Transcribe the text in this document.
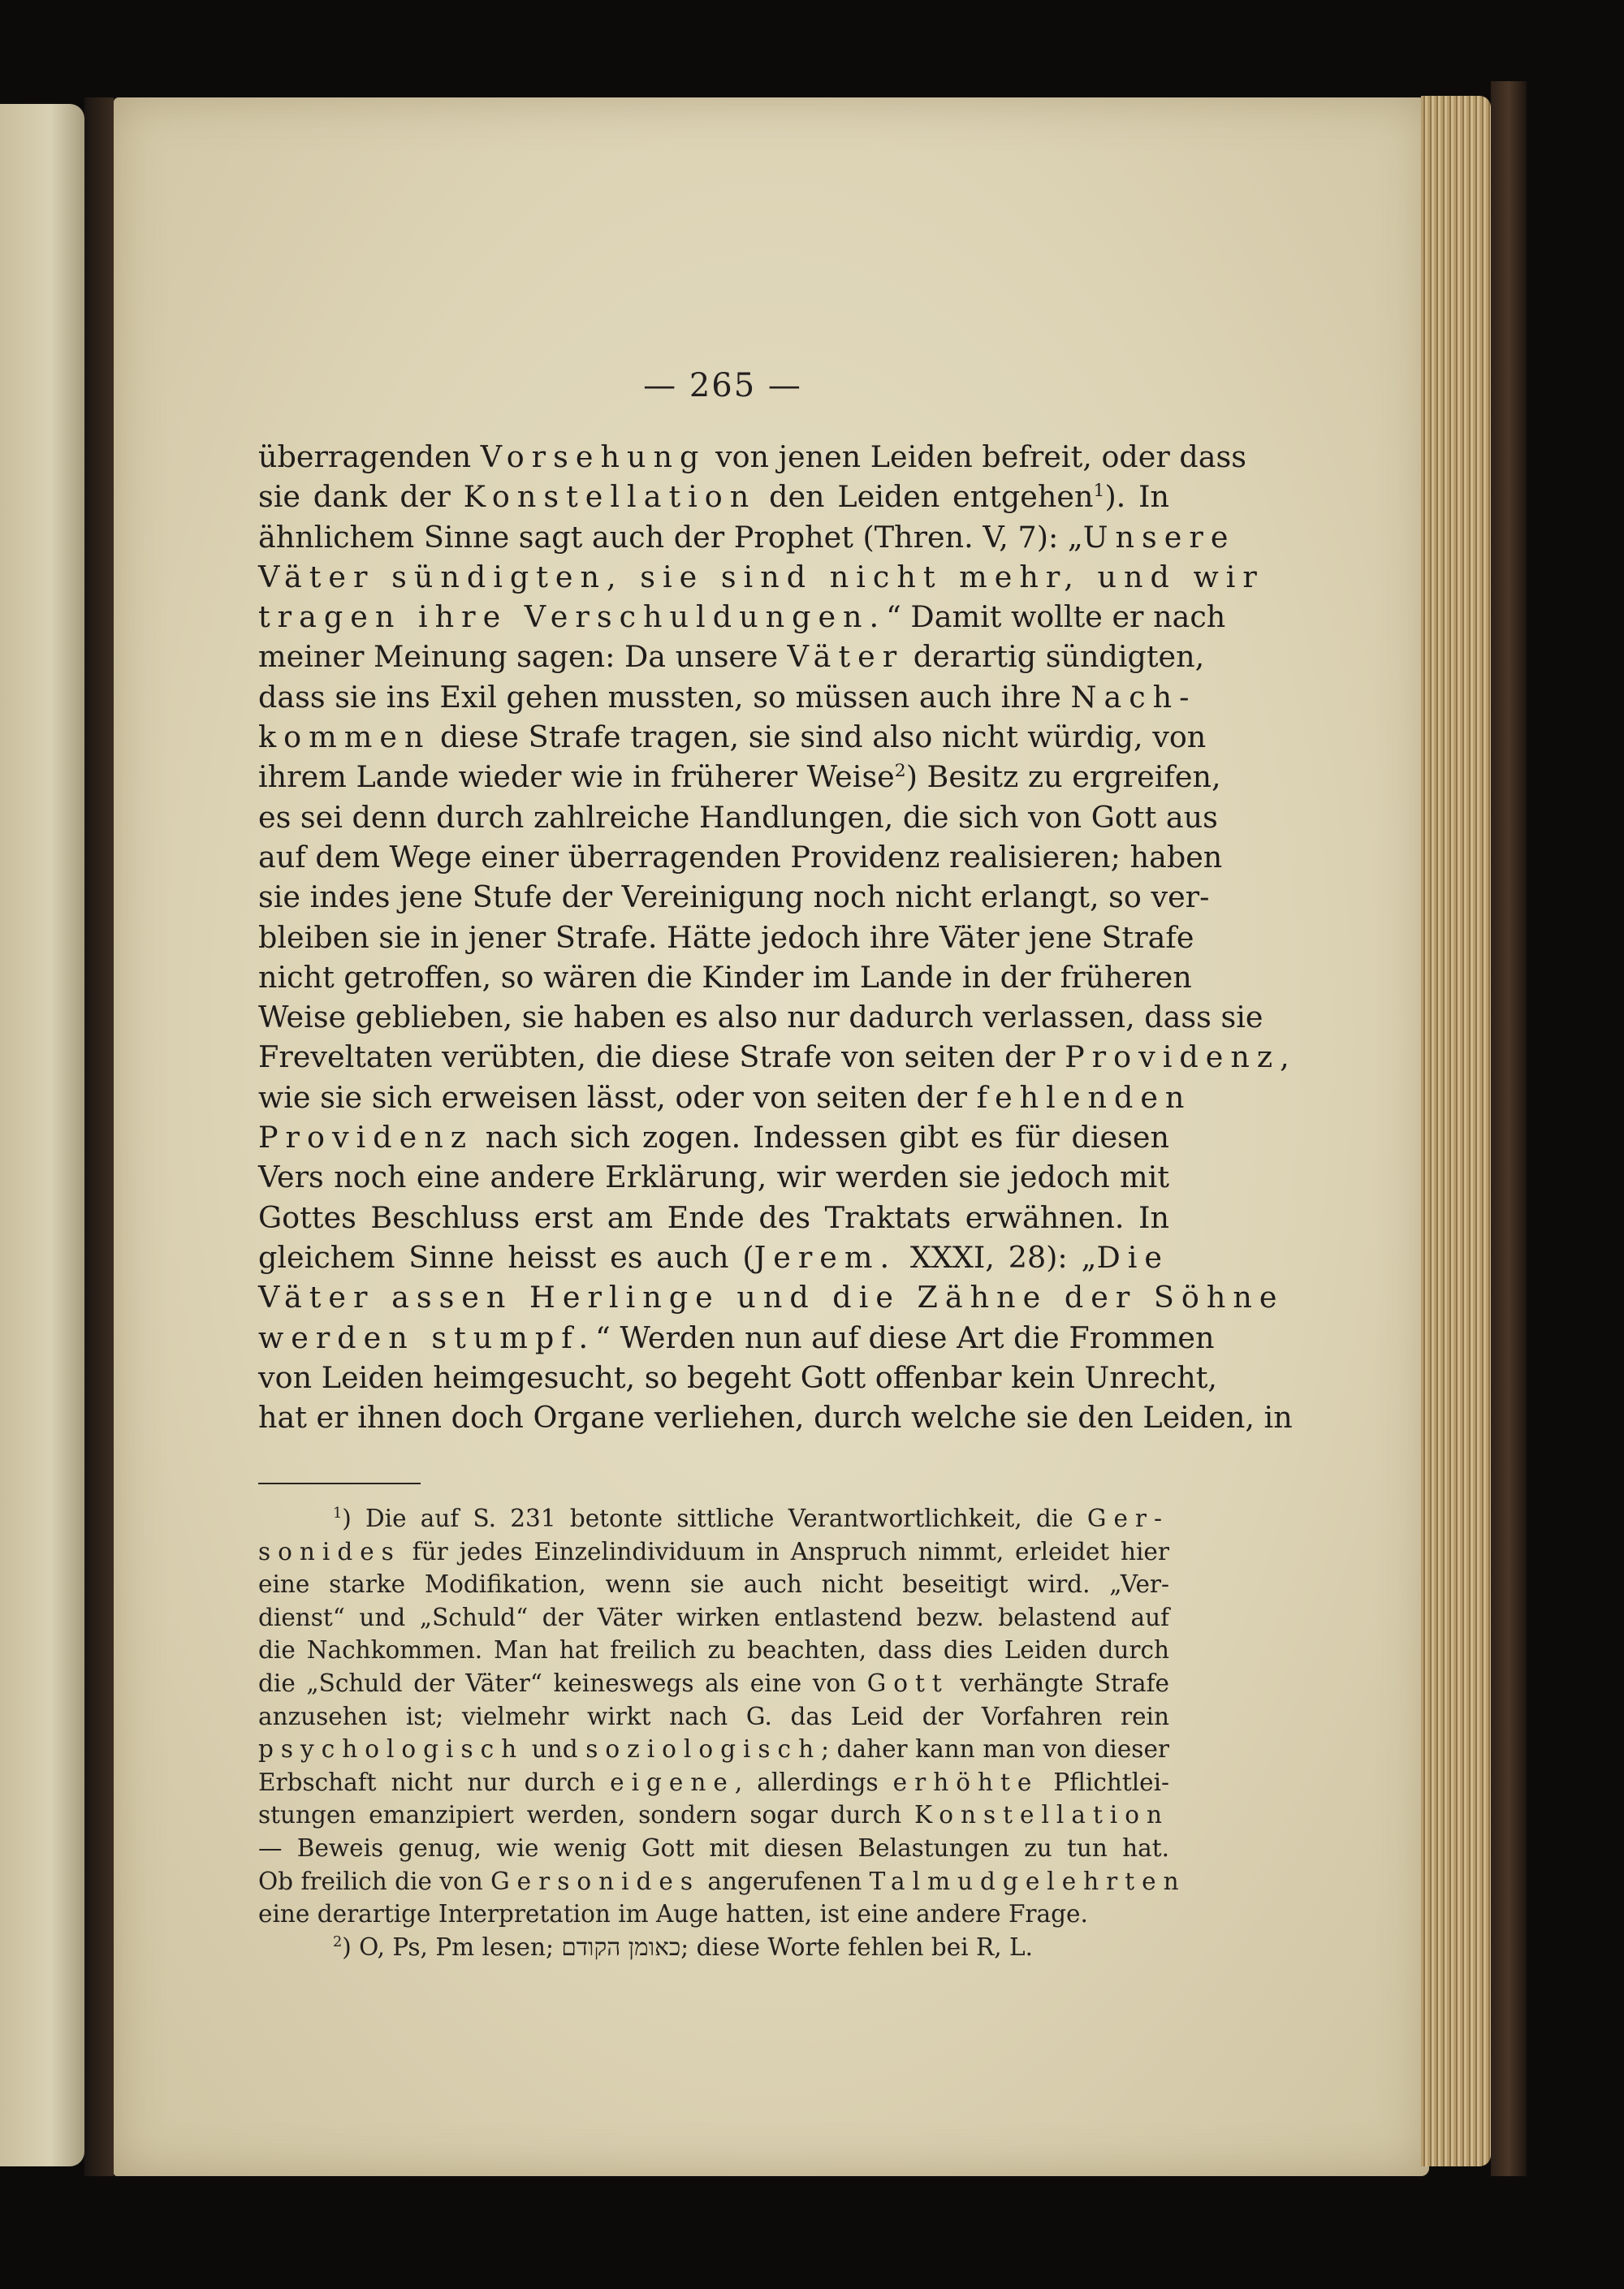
— 265 —
überragenden Vorsehung von jenen Leiden befreit, oder dass
sie dank der Konstellation den Leiden entgehen$^1$). In
ähnlichem Sinne sagt auch der Prophet (Thren. V, 7): „Unsere
Väter sündigten, sie sind nicht mehr, und wir
tragen ihre Verschuldungen.“ Damit wollte er nach
meiner Meinung sagen: Da unsere Väter derartig sündigten,
dass sie ins Exil gehen mussten, so müssen auch ihre Nach-
kommen diese Strafe tragen, sie sind also nicht würdig, von
ihrem Lande wieder wie in früherer Weise$^2$) Besitz zu ergreifen,
es sei denn durch zahlreiche Handlungen, die sich von Gott aus
auf dem Wege einer überragenden Providenz realisieren; haben
sie indes jene Stufe der Vereinigung noch nicht erlangt, so ver-
bleiben sie in jener Strafe. Hätte jedoch ihre Väter jene Strafe
nicht getroffen, so wären die Kinder im Lande in der früheren
Weise geblieben, sie haben es also nur dadurch verlassen, dass sie
Freveltaten verübten, die diese Strafe von seiten der Providenz,
wie sie sich erweisen lässt, oder von seiten der fehlenden
Providenz nach sich zogen. Indessen gibt es für diesen
Vers noch eine andere Erklärung, wir werden sie jedoch mit
Gottes Beschluss erst am Ende des Traktats erwähnen. In
gleichem Sinne heisst es auch (Jerem. XXXI, 28): „Die
Väter assen Herlinge und die Zähne der Söhne
werden stumpf.“ Werden nun auf diese Art die Frommen
von Leiden heimgesucht, so begeht Gott offenbar kein Unrecht,
hat er ihnen doch Organe verliehen, durch welche sie den Leiden, in
$^1$) Die auf S. 231 betonte sittliche Verantwortlichkeit, die Ger-
sonides für jedes Einzelindividuum in Anspruch nimmt, erleidet hier
eine starke Modifikation, wenn sie auch nicht beseitigt wird. „Ver-
dienst“ und „Schuld“ der Väter wirken entlastend bezw. belastend auf
die Nachkommen. Man hat freilich zu beachten, dass dies Leiden durch
die „Schuld der Väter“ keineswegs als eine von Gott verhängte Strafe
anzusehen ist; vielmehr wirkt nach G. das Leid der Vorfahren rein
psychologisch und soziologisch; daher kann man von dieser
Erbschaft nicht nur durch eigene, allerdings erhöhte Pflichtlei-
stungen emanzipiert werden, sondern sogar durch Konstellation
— Beweis genug, wie wenig Gott mit diesen Belastungen zu tun hat.
Ob freilich die von Gersonides angerufenen Talmudgelehrten
eine derartige Interpretation im Auge hatten, ist eine andere Frage.
$^2$) O, Ps, Pm lesen; כאומן הקודם; diese Worte fehlen bei R, L.
